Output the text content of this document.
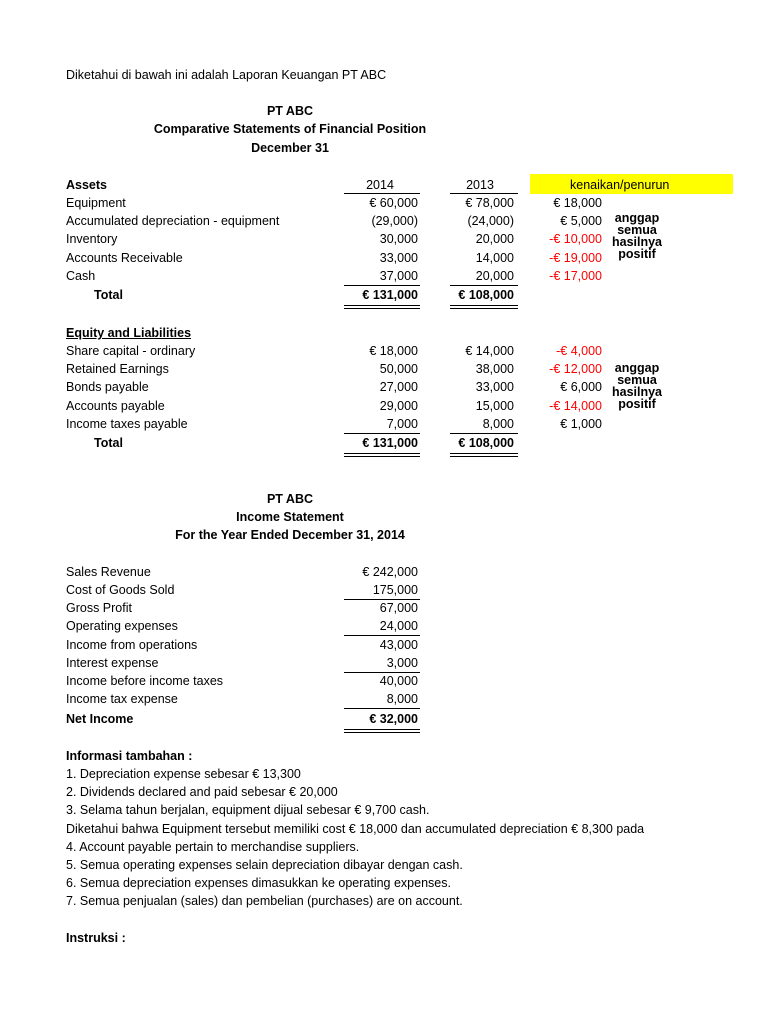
Diketahui di bawah ini adalah Laporan Keuangan PT ABC
PT ABC
Comparative Statements of Financial Position
December 31
Assets	2014	2013	kenaikan/penurun
Equipment	€ 60,000	€ 78,000	€ 18,000
Accumulated depreciation - equipment	(29,000)	(24,000)	€ 5,000
Inventory	30,000	20,000	-€ 10,000
Accounts Receivable	33,000	14,000	-€ 19,000
Cash	37,000	20,000	-€ 17,000
Total	€ 131,000	€ 108,000
anggap
semua
hasilnya
positif
Equity and Liabilities
Share capital - ordinary	€ 18,000	€ 14,000	-€ 4,000
Retained Earnings	50,000	38,000	-€ 12,000
Bonds payable	27,000	33,000	€ 6,000
Accounts payable	29,000	15,000	-€ 14,000
Income taxes payable	7,000	8,000	€ 1,000
Total	€ 131,000	€ 108,000
anggap
semua
hasilnya
positif
PT ABC
Income Statement
For the Year Ended December 31, 2014
Sales Revenue	€ 242,000
Cost of Goods Sold	175,000
Gross Profit	67,000
Operating expenses	24,000
Income from operations	43,000
Interest expense	3,000
Income before income taxes	40,000
Income tax expense	8,000
Net Income	€ 32,000
Informasi tambahan :
1. Depreciation expense sebesar € 13,300
2. Dividends declared and paid sebesar € 20,000
3. Selama tahun berjalan, equipment dijual sebesar € 9,700 cash.
Diketahui bahwa Equipment tersebut memiliki cost € 18,000 dan accumulated depreciation € 8,300 pada
4. Account payable pertain to merchandise suppliers.
5. Semua operating expenses selain depreciation dibayar dengan cash.
6. Semua depreciation expenses dimasukkan ke operating expenses.
7. Semua penjualan (sales) dan pembelian (purchases) are on account.
Instruksi :
